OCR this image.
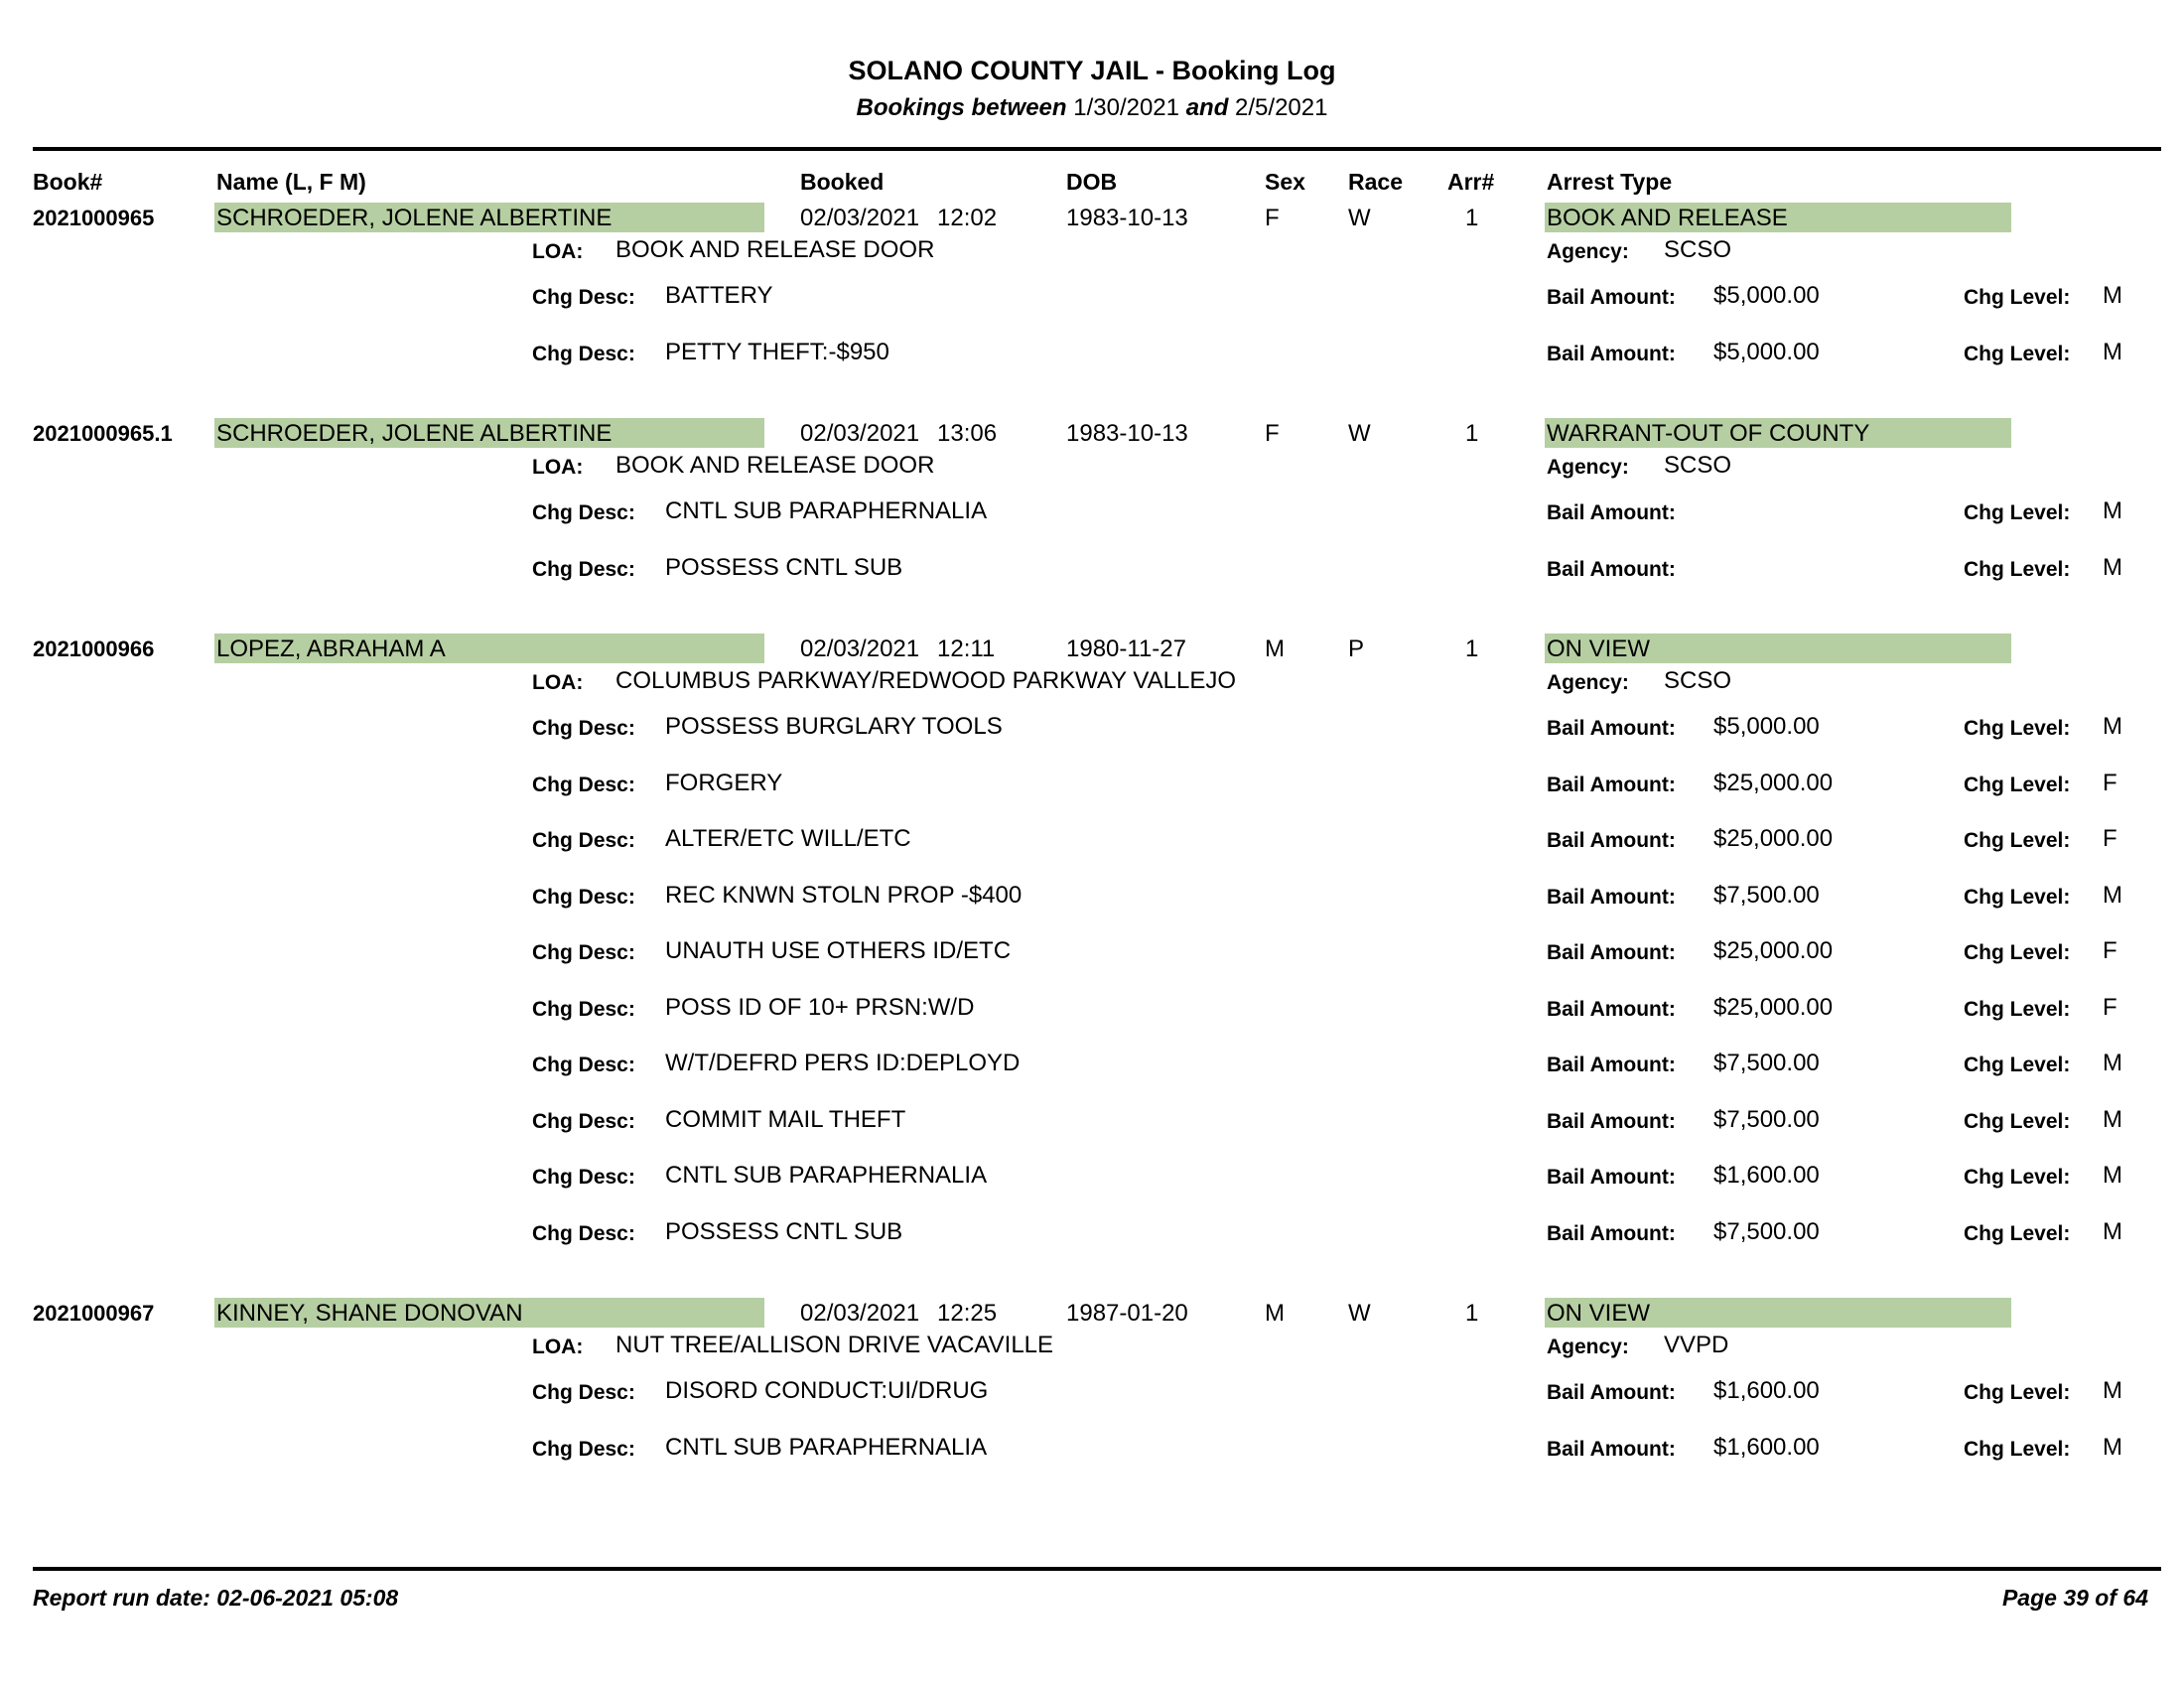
SOLANO COUNTY JAIL - Booking Log
Bookings between 1/30/2021 and 2/5/2021
Book#	Name (L, F M)	Booked	DOB	Sex Race Arr# Arrest Type
2021000965	SCHROEDER, JOLENE ALBERTINE	02/03/2021 12:02	1983-10-13	F	W	1	BOOK AND RELEASE
LOA: BOOK AND RELEASE DOOR	Agency: SCSO
Chg Desc: BATTERY	Bail Amount: $5,000.00	Chg Level: M
Chg Desc: PETTY THEFT:-$950	Bail Amount: $5,000.00	Chg Level: M
2021000965.1 SCHROEDER, JOLENE ALBERTINE	02/03/2021 13:06	1983-10-13	F	W	1	WARRANT-OUT OF COUNTY
LOA: BOOK AND RELEASE DOOR	Agency: SCSO
Chg Desc: CNTL SUB PARAPHERNALIA	Bail Amount:	Chg Level: M
Chg Desc: POSSESS CNTL SUB	Bail Amount:	Chg Level: M
2021000966	LOPEZ, ABRAHAM A	02/03/2021 12:11	1980-11-27	M	P	1	ON VIEW
LOA: COLUMBUS PARKWAY/REDWOOD PARKWAY VALLEJO	Agency: SCSO
Chg Desc: POSSESS BURGLARY TOOLS	Bail Amount: $5,000.00	Chg Level: M
Chg Desc: FORGERY	Bail Amount: $25,000.00	Chg Level: F
Chg Desc: ALTER/ETC WILL/ETC	Bail Amount: $25,000.00	Chg Level: F
Chg Desc: REC KNWN STOLN PROP -$400	Bail Amount: $7,500.00	Chg Level: M
Chg Desc: UNAUTH USE OTHERS ID/ETC	Bail Amount: $25,000.00	Chg Level: F
Chg Desc: POSS ID OF 10+ PRSN:W/D	Bail Amount: $25,000.00	Chg Level: F
Chg Desc: W/T/DEFRD PERS ID:DEPLOYD	Bail Amount: $7,500.00	Chg Level: M
Chg Desc: COMMIT MAIL THEFT	Bail Amount: $7,500.00	Chg Level: M
Chg Desc: CNTL SUB PARAPHERNALIA	Bail Amount: $1,600.00	Chg Level: M
Chg Desc: POSSESS CNTL SUB	Bail Amount: $7,500.00	Chg Level: M
2021000967	KINNEY, SHANE DONOVAN	02/03/2021 12:25	1987-01-20	M	W	1	ON VIEW
LOA: NUT TREE/ALLISON DRIVE VACAVILLE	Agency: VVPD
Chg Desc: DISORD CONDUCT:UI/DRUG	Bail Amount: $1,600.00	Chg Level: M
Chg Desc: CNTL SUB PARAPHERNALIA	Bail Amount: $1,600.00	Chg Level: M
Report run date: 02-06-2021 05:08	Page 39 of 64
